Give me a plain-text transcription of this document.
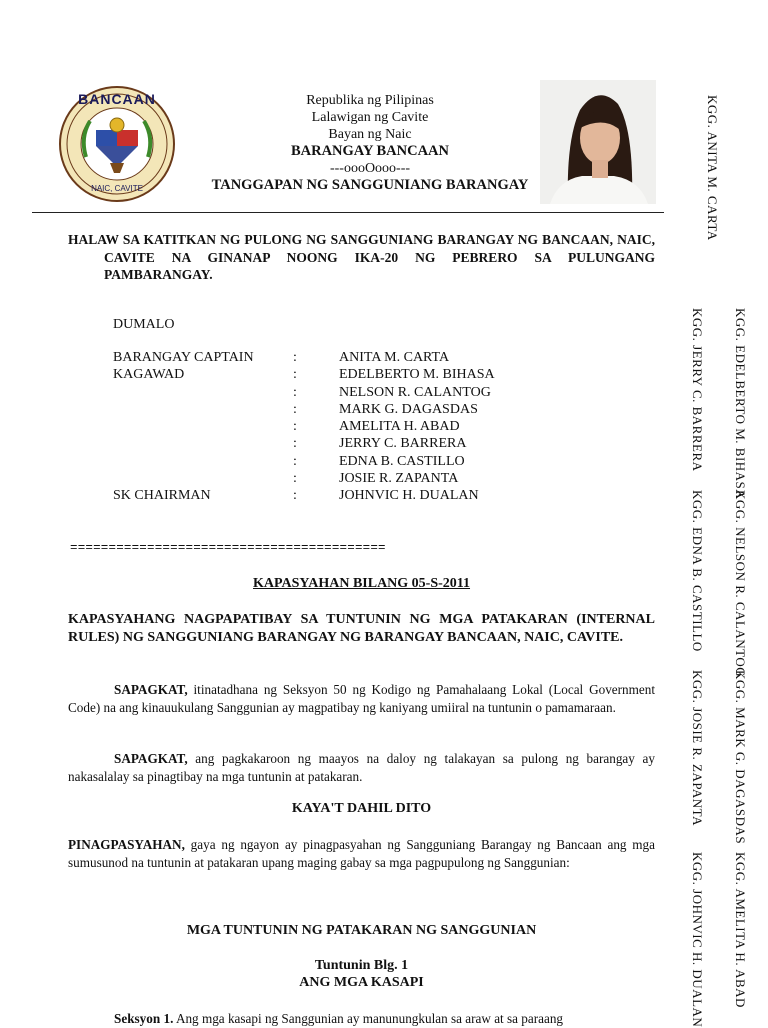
BANCAAN
NAIC, CAVITE
Republika ng Pilipinas
Lalawigan ng Cavite
Bayan ng Naic
BARANGAY BANCAAN
---oooOooo---
TANGGAPAN NG SANGGUNIANG BARANGAY	KGG. ANITA M. CARTA
KGG. EDELBERTO M. BIHASA
KGG. NELSON R. CALANTOG
KGG. MARK G. DAGASDAS
KGG. AMELITA H. ABAD
KGG. JERRY C. BARRERA
KGG. EDNA B. CASTILLO
KGG. JOSIE R. ZAPANTA
KGG. JOHNVIC H. DUALAN
HALAW SA KATITKAN NG PULONG NG SANGGUNIANG BARANGAY NG BANCAAN, NAIC, CAVITE NA GINANAP NOONG IKA-20 NG PEBRERO SA PULUNGANG PAMBARANGAY.
DUMALO
BARANGAY CAPTAIN	:	ANITA M. CARTA
KAGAWAD	:	EDELBERTO M. BIHASA
	:	NELSON R. CALANTOG
	:	MARK G. DAGASDAS
	:	AMELITA H. ABAD
	:	JERRY C. BARRERA
	:	EDNA B. CASTILLO
	:	JOSIE R. ZAPANTA
SK CHAIRMAN	:	JOHNVIC H. DUALAN
=========================================
KAPASYAHAN BILANG 05-S-2011
KAPASYAHANG NAGPAPATIBAY SA TUNTUNIN NG MGA PATAKARAN (INTERNAL RULES) NG SANGGUNIANG BARANGAY NG BARANGAY BANCAAN, NAIC, CAVITE.
SAPAGKAT, itinatadhana ng Seksyon 50 ng Kodigo ng Pamahalaang Lokal (Local Government Code) na ang kinauukulang Sanggunian ay magpatibay ng kaniyang umiiral na tuntunin o pamamaraan.
SAPAGKAT, ang pagkakaroon ng maayos na daloy ng talakayan sa pulong ng barangay ay nakasalalay sa pinagtibay na mga tuntunin at patakaran.
KAYA'T DAHIL DITO
PINAGPASYAHAN, gaya ng ngayon ay pinagpasyahan ng Sangguniang Barangay ng Bancaan ang mga sumusunod na tuntunin at patakaran upang maging gabay sa mga pagpupulong ng Sanggunian:
MGA TUNTUNIN NG PATAKARAN NG SANGGUNIAN
Tuntunin Blg. 1
ANG MGA KASAPI
Seksyon 1. Ang mga kasapi ng Sanggunian ay manunungkulan sa araw at sa paraang
